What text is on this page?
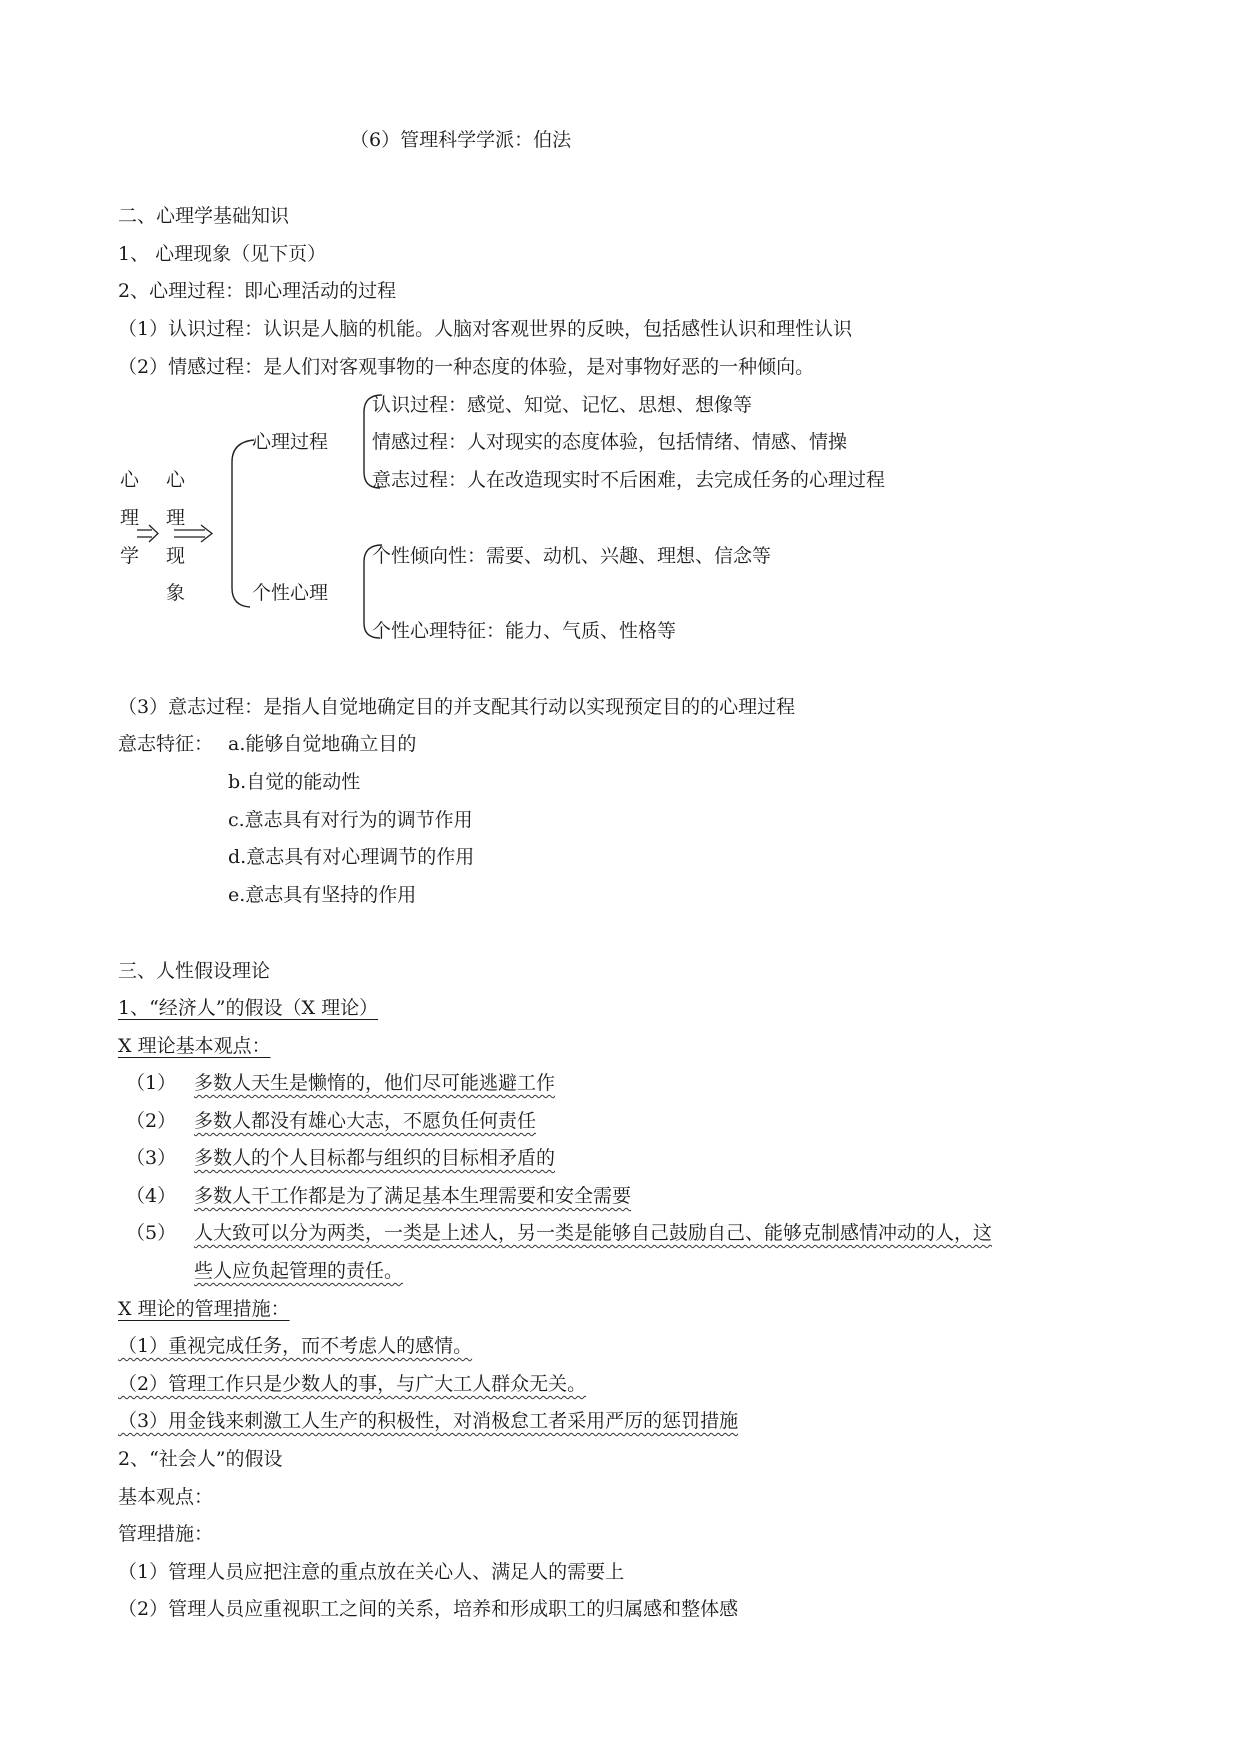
（6）管理科学学派：伯法
二、心理学基础知识
1、 心理现象（见下页）
2、心理过程：即心理活动的过程
（1）认识过程：认识是人脑的机能。人脑对客观世界的反映，包括感性认识和理性认识
（2）情感过程：是人们对客观事物的一种态度的体验，是对事物好恶的一种倾向。
心
理
学
心
理
现
象
心理过程
个性心理
认识过程：感觉、知觉、记忆、思想、想像等
情感过程：人对现实的态度体验，包括情绪、情感、情操
意志过程：人在改造现实时不后困难，去完成任务的心理过程
个性倾向性：需要、动机、兴趣、理想、信念等
个性心理特征：能力、气质、性格等
（3）意志过程：是指人自觉地确定目的并支配其行动以实现预定目的的心理过程
意志特征： a.能够自觉地确立目的
b.自觉的能动性
c.意志具有对行为的调节作用
d.意志具有对心理调节的作用
e.意志具有坚持的作用
三、人性假设理论
1、“经济人”的假设（X 理论）
X 理论基本观点：
（1） 多数人天生是懒惰的，他们尽可能逃避工作
（2） 多数人都没有雄心大志，不愿负任何责任
（3） 多数人的个人目标都与组织的目标相矛盾的
（4） 多数人干工作都是为了满足基本生理需要和安全需要
（5） 人大致可以分为两类，一类是上述人，另一类是能够自己鼓励自己、能够克制感情冲动的人，这
些人应负起管理的责任。
X 理论的管理措施：
（1）重视完成任务，而不考虑人的感情。
（2）管理工作只是少数人的事，与广大工人群众无关。
（3）用金钱来刺激工人生产的积极性，对消极怠工者采用严厉的惩罚措施
2、“社会人”的假设
基本观点：
管理措施：
（1）管理人员应把注意的重点放在关心人、满足人的需要上
（2）管理人员应重视职工之间的关系，培养和形成职工的归属感和整体感
